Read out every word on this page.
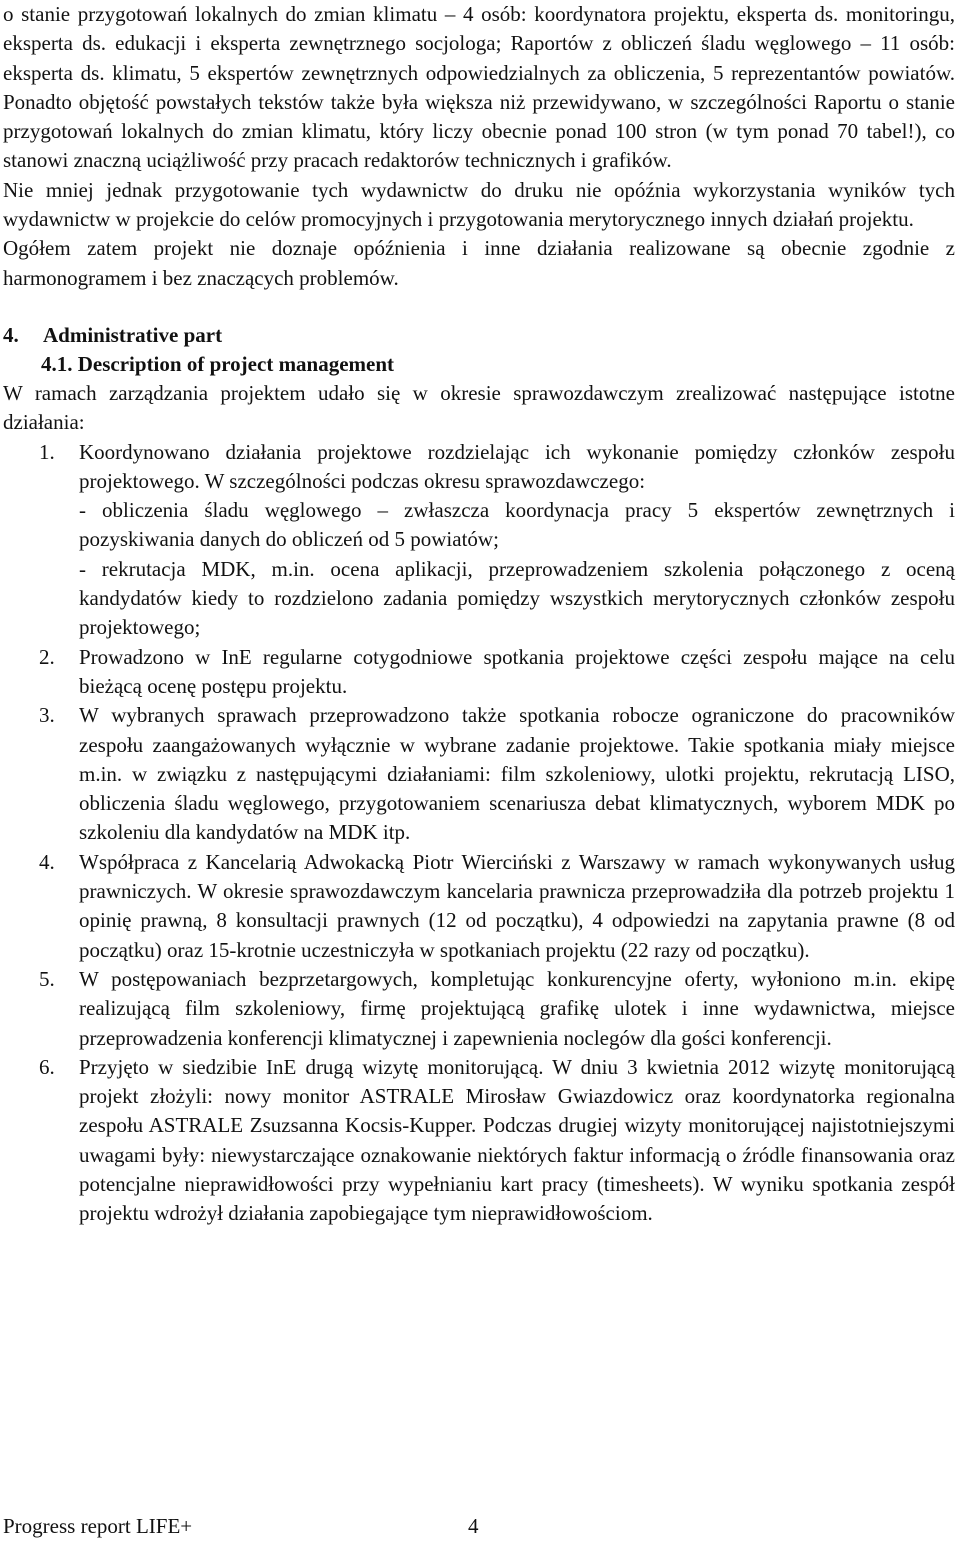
o stanie przygotowań lokalnych do zmian klimatu – 4 osób: koordynatora projektu, eksperta ds. monitoringu, eksperta ds. edukacji i eksperta zewnętrznego socjologa; Raportów z obliczeń śladu węglowego – 11 osób: eksperta ds. klimatu, 5 ekspertów zewnętrznych odpowiedzialnych za obliczenia, 5 reprezentantów powiatów. Ponadto objętość powstałych tekstów także była większa niż przewidywano, w szczególności Raportu o stanie przygotowań lokalnych do zmian klimatu, który liczy obecnie ponad 100 stron (w tym ponad 70 tabel!), co stanowi znaczną uciążliwość przy pracach redaktorów technicznych i grafików.

Nie mniej jednak przygotowanie tych wydawnictw do druku nie opóźnia wykorzystania wyników tych wydawnictw w projekcie do celów promocyjnych i przygotowania merytorycznego innych działań projektu.

Ogółem zatem projekt nie doznaje opóźnienia i inne działania realizowane są obecnie zgodnie z harmonogramem i bez znaczących problemów.

4. Administrative part

4.1. Description of project management

W ramach zarządzania projektem udało się w okresie sprawozdawczym zrealizować następujące istotne działania:

1.	Koordynowano działania projektowe rozdzielając ich wykonanie pomiędzy członków zespołu projektowego. W szczególności podczas okresu sprawozdawczego:
- obliczenia śladu węglowego – zwłaszcza koordynacja pracy 5 ekspertów zewnętrznych i pozyskiwania danych do obliczeń od 5 powiatów;
- rekrutacja MDK, m.in. ocena aplikacji, przeprowadzeniem szkolenia połączonego z oceną kandydatów kiedy to rozdzielono zadania pomiędzy wszystkich merytorycznych członków zespołu projektowego;
2.	Prowadzono w InE regularne cotygodniowe spotkania projektowe części zespołu mające na celu bieżącą ocenę postępu projektu.
3.	W wybranych sprawach przeprowadzono także spotkania robocze ograniczone do pracowników zespołu zaangażowanych wyłącznie w wybrane zadanie projektowe. Takie spotkania miały miejsce m.in. w związku z następującymi działaniami: film szkoleniowy, ulotki projektu, rekrutacją LISO, obliczenia śladu węglowego, przygotowaniem scenariusza debat klimatycznych, wyborem MDK po szkoleniu dla kandydatów na MDK itp.
4.	Współpraca z Kancelarią Adwokacką Piotr Wierciński z Warszawy w ramach wykonywanych usług prawniczych. W okresie sprawozdawczym kancelaria prawnicza przeprowadziła dla potrzeb projektu 1 opinię prawną, 8 konsultacji prawnych (12 od początku), 4 odpowiedzi na zapytania prawne (8 od początku) oraz 15-krotnie uczestniczyła w spotkaniach projektu (22 razy od początku).
5.	W postępowaniach bezprzetargowych, kompletując konkurencyjne oferty, wyłoniono m.in. ekipę realizującą film szkoleniowy, firmę projektującą grafikę ulotek i inne wydawnictwa, miejsce przeprowadzenia konferencji klimatycznej i zapewnienia noclegów dla gości konferencji.
6.	Przyjęto w siedzibie InE drugą wizytę monitorującą. W dniu 3 kwietnia 2012 wizytę monitorującą projekt złożyli: nowy monitor ASTRALE Mirosław Gwiazdowicz oraz koordynatorka regionalna zespołu ASTRALE Zsuzsanna Kocsis-Kupper. Podczas drugiej wizyty monitorującej najistotniejszymi uwagami były: niewystarczające oznakowanie niektórych faktur informacją o źródle finansowania oraz potencjalne nieprawidłowości przy wypełnianiu kart pracy (timesheets). W wyniku spotkania zespół projektu wdrożył działania zapobiegające tym nieprawidłowościom.
Progress report LIFE+	4
